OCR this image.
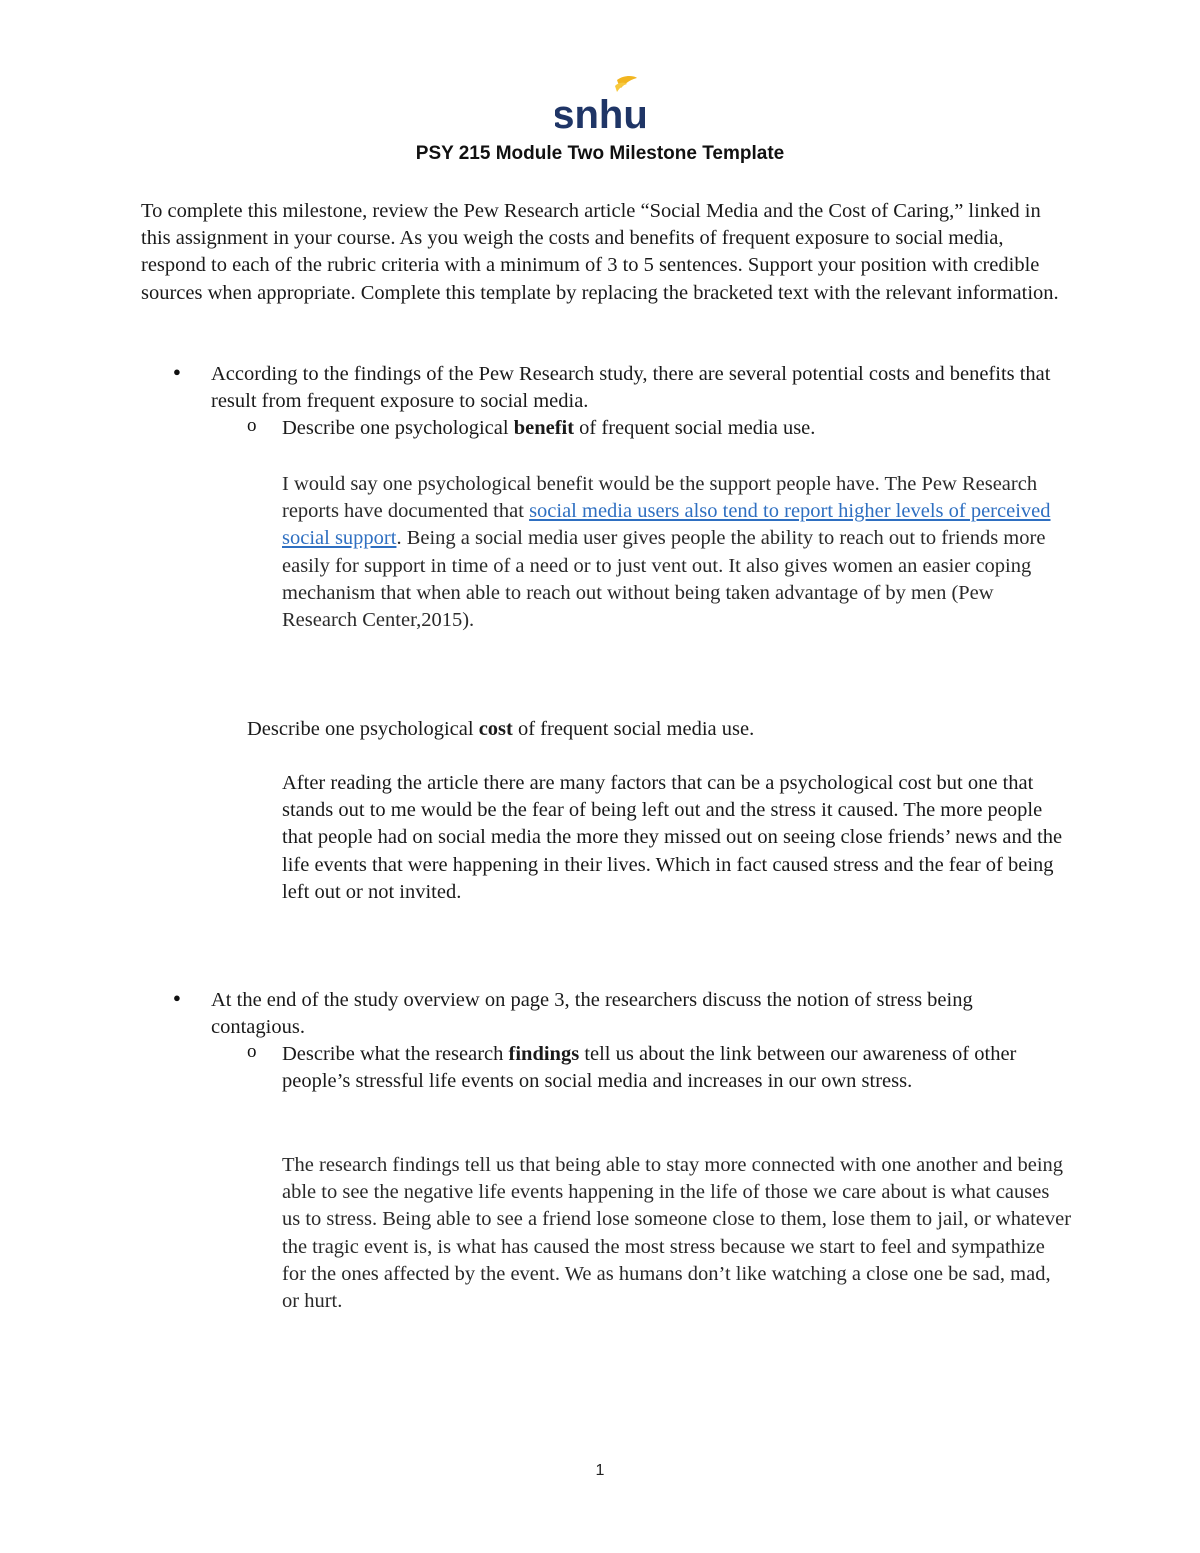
snhu
PSY 215 Module Two Milestone Template

To complete this milestone, review the Pew Research article “Social Media and the Cost of Caring,” linked in this assignment in your course. As you weigh the costs and benefits of frequent exposure to social media, respond to each of the rubric criteria with a minimum of 3 to 5 sentences. Support your position with credible sources when appropriate. Complete this template by replacing the bracketed text with the relevant information.

● According to the findings of the Pew Research study, there are several potential costs and benefits that result from frequent exposure to social media.

o Describe one psychological benefit of frequent social media use.

I would say one psychological benefit would be the support people have. The Pew Research reports have documented that social media users also tend to report higher levels of perceived social support. Being a social media user gives people the ability to reach out to friends more easily for support in time of a need or to just vent out. It also gives women an easier coping mechanism that when able to reach out without being taken advantage of by men (Pew Research Center,2015).

Describe one psychological cost of frequent social media use.

After reading the article there are many factors that can be a psychological cost but one that stands out to me would be the fear of being left out and the stress it caused. The more people that people had on social media the more they missed out on seeing close friends’ news and the life events that were happening in their lives. Which in fact caused stress and the fear of being left out or not invited.

● At the end of the study overview on page 3, the researchers discuss the notion of stress being contagious.

o Describe what the research findings tell us about the link between our awareness of other people’s stressful life events on social media and increases in our own stress.

The research findings tell us that being able to stay more connected with one another and being able to see the negative life events happening in the life of those we care about is what causes us to stress. Being able to see a friend lose someone close to them, lose them to jail, or whatever the tragic event is, is what has caused the most stress because we start to feel and sympathize for the ones affected by the event. We as humans don’t like watching a close one be sad, mad, or hurt.

1
